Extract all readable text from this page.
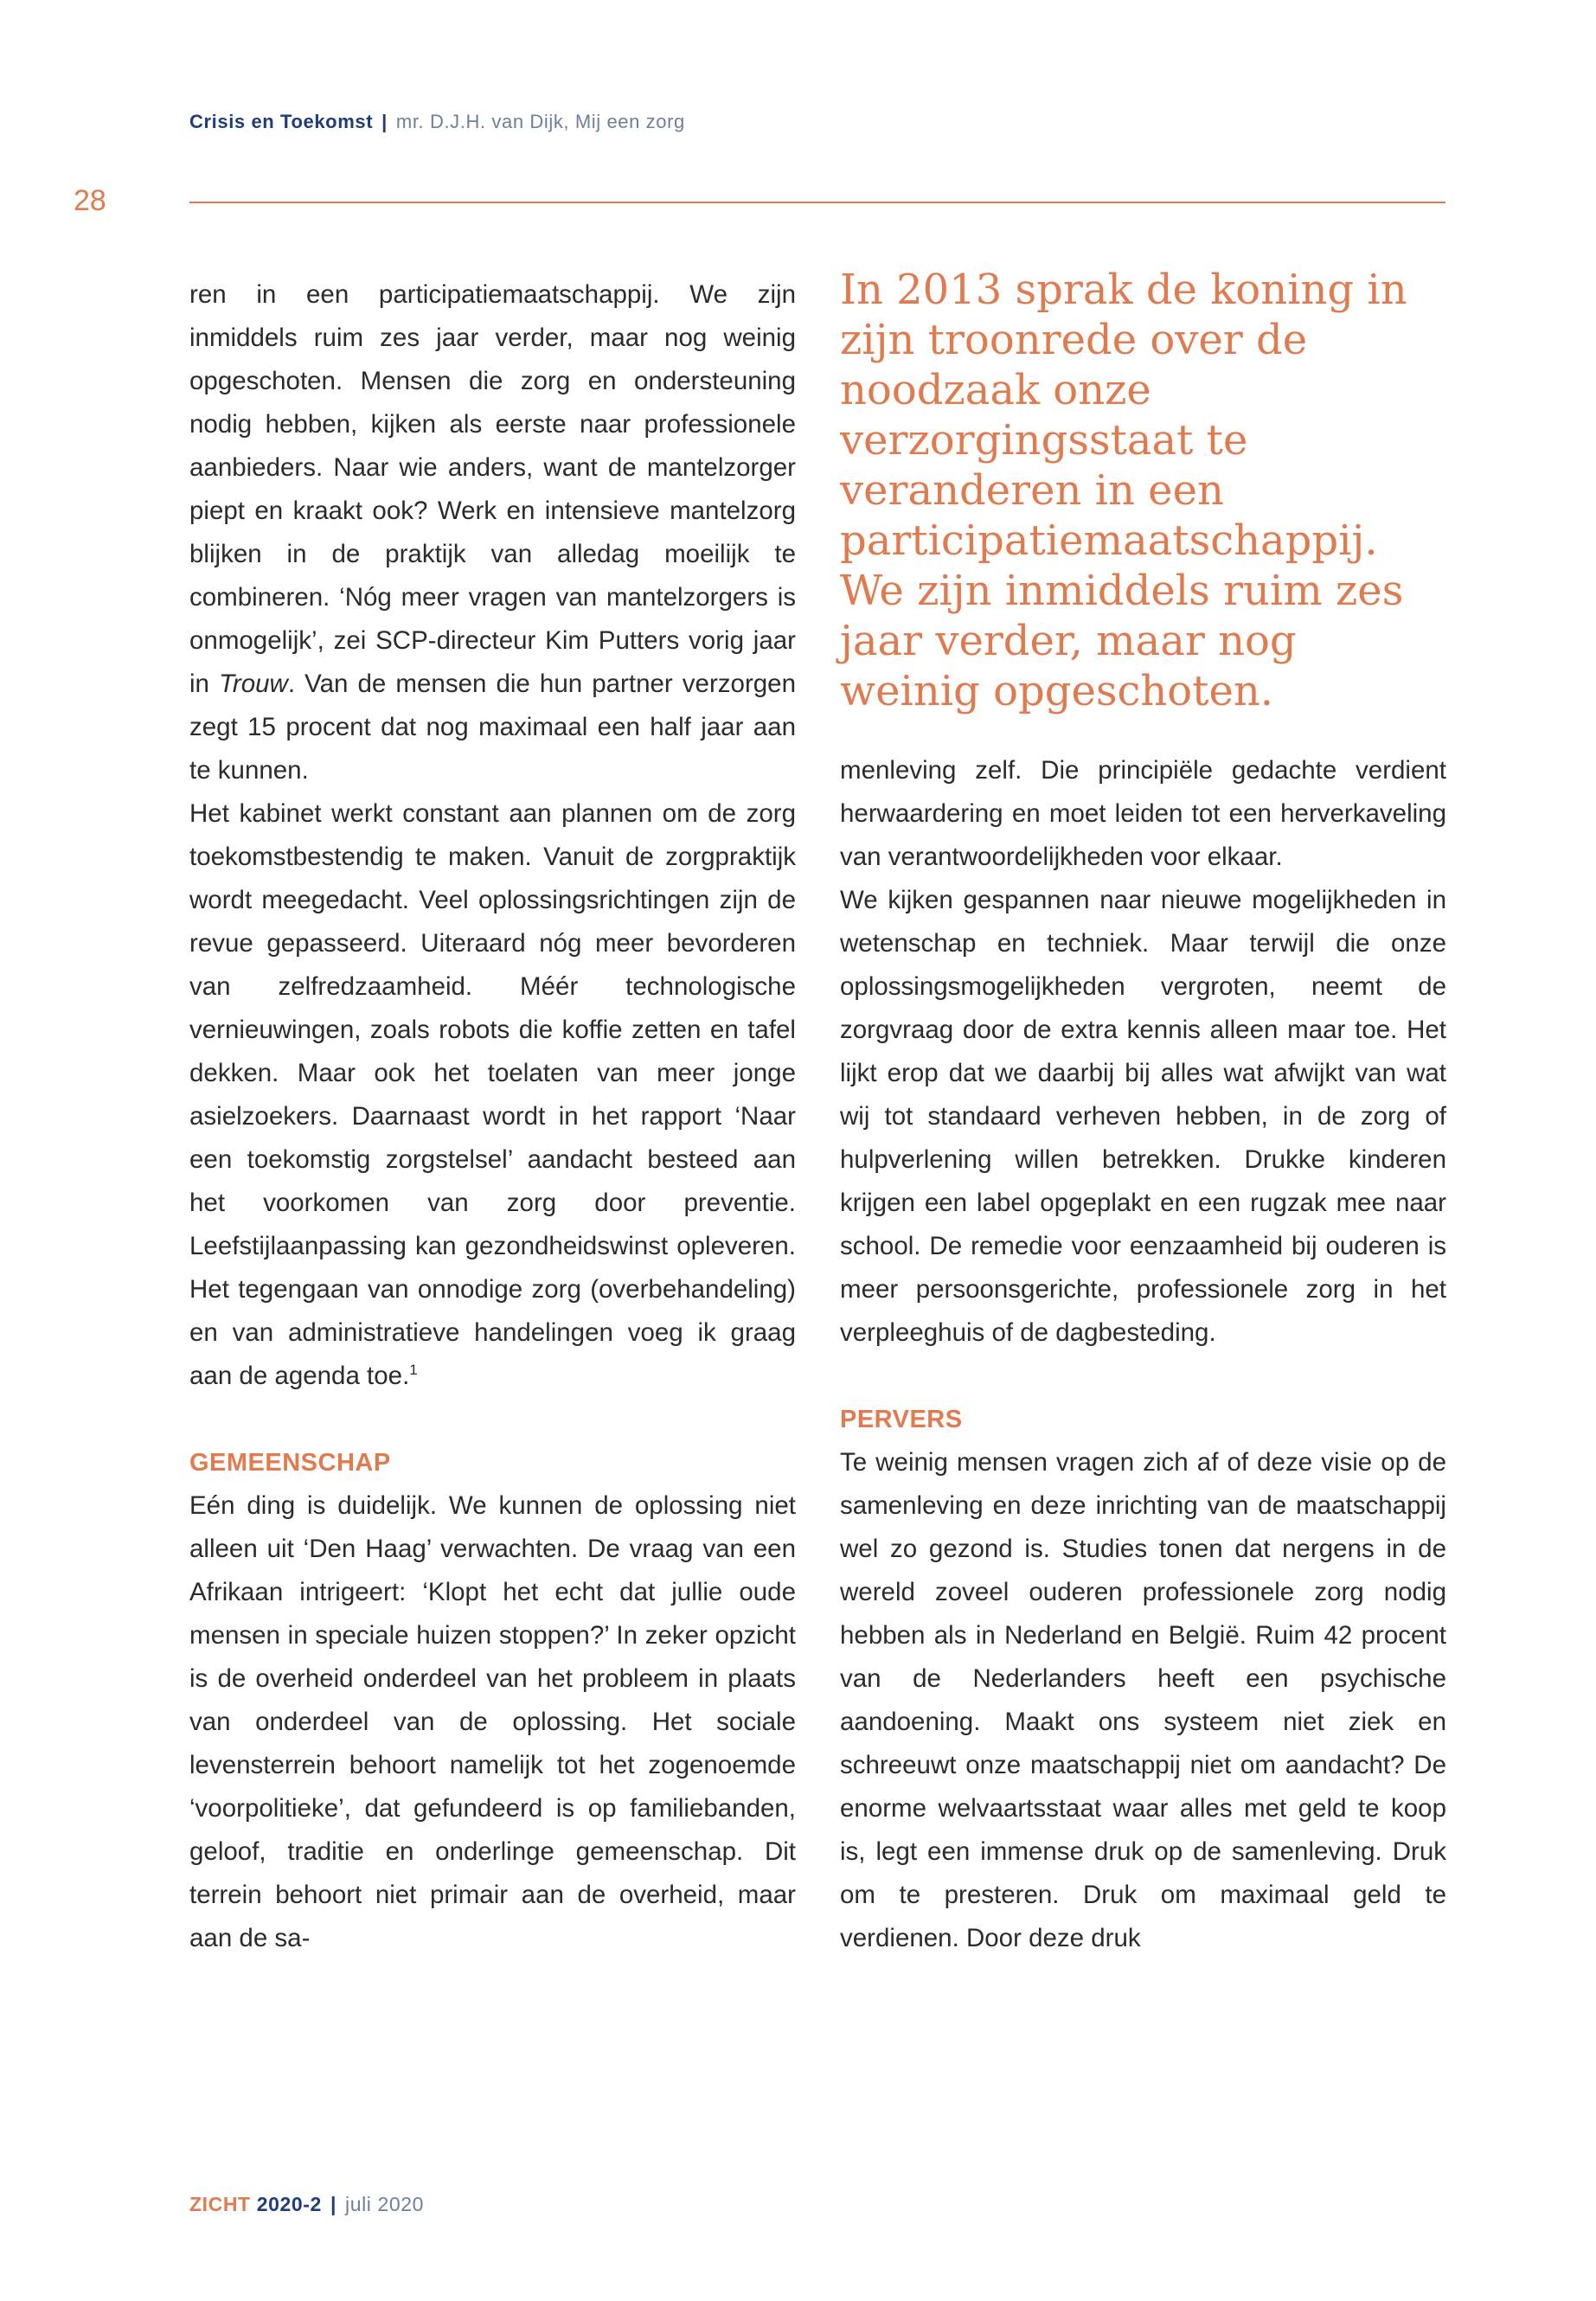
Crisis en Toekomst | mr. D.J.H. van Dijk, Mij een zorg
28

ren in een participatiemaatschappij. We zijn inmiddels ruim zes jaar verder, maar nog weinig opgeschoten. Mensen die zorg en ondersteuning nodig hebben, kijken als eerste naar professionele aanbieders. Naar wie anders, want de mantelzorger piept en kraakt ook? Werk en intensieve mantelzorg blijken in de praktijk van alledag moeilijk te combineren. ‘Nóg meer vragen van mantelzorgers is onmogelijk’, zei SCP-directeur Kim Putters vorig jaar in Trouw. Van de mensen die hun partner verzorgen zegt 15 procent dat nog maximaal een half jaar aan te kunnen.

Het kabinet werkt constant aan plannen om de zorg toekomstbestendig te maken. Vanuit de zorgpraktijk wordt meegedacht. Veel oplossingsrichtingen zijn de revue gepasseerd. Uiteraard nóg meer bevorderen van zelfredzaamheid. Méér technologische vernieuwingen, zoals robots die koffie zetten en tafel dekken. Maar ook het toelaten van meer jonge asielzoekers. Daarnaast wordt in het rapport ‘Naar een toekomstig zorgstelsel’ aandacht besteed aan het voorkomen van zorg door preventie. Leefstijlaanpassing kan gezondheidswinst opleveren. Het tegengaan van onnodige zorg (overbehandeling) en van administratieve handelingen voeg ik graag aan de agenda toe.$^1$

GEMEENSCHAP

Eén ding is duidelijk. We kunnen de oplossing niet alleen uit ‘Den Haag’ verwachten. De vraag van een Afrikaan intrigeert: ‘Klopt het echt dat jullie oude mensen in speciale huizen stoppen?’ In zeker opzicht is de overheid onderdeel van het probleem in plaats van onderdeel van de oplossing. Het sociale levensterrein behoort namelijk tot het zogenoemde ‘voorpolitieke’, dat gefundeerd is op familiebanden, geloof, traditie en onderlinge gemeenschap. Dit terrein behoort niet primair aan de overheid, maar aan de sa-

In 2013 sprak de koning in zijn troonrede over de noodzaak onze verzorgingsstaat te veranderen in een participatiemaatschappij. We zijn inmiddels ruim zes jaar verder, maar nog weinig opgeschoten.

menleving zelf. Die principiële gedachte verdient herwaardering en moet leiden tot een herverkaveling van verantwoordelijkheden voor elkaar.

We kijken gespannen naar nieuwe mogelijkheden in wetenschap en techniek. Maar terwijl die onze oplossingsmogelijkheden vergroten, neemt de zorgvraag door de extra kennis alleen maar toe. Het lijkt erop dat we daarbij bij alles wat afwijkt van wat wij tot standaard verheven hebben, in de zorg of hulpverlening willen betrekken. Drukke kinderen krijgen een label opgeplakt en een rugzak mee naar school. De remedie voor eenzaamheid bij ouderen is meer persoonsgerichte, professionele zorg in het verpleeghuis of de dagbesteding.

PERVERS

Te weinig mensen vragen zich af of deze visie op de samenleving en deze inrichting van de maatschappij wel zo gezond is. Studies tonen dat nergens in de wereld zoveel ouderen professionele zorg nodig hebben als in Nederland en België. Ruim 42 procent van de Nederlanders heeft een psychische aandoening. Maakt ons systeem niet ziek en schreeuwt onze maatschappij niet om aandacht? De enorme welvaartsstaat waar alles met geld te koop is, legt een immense druk op de samenleving. Druk om te presteren. Druk om maximaal geld te verdienen. Door deze druk

ZICHT 2020-2 | juli 2020
